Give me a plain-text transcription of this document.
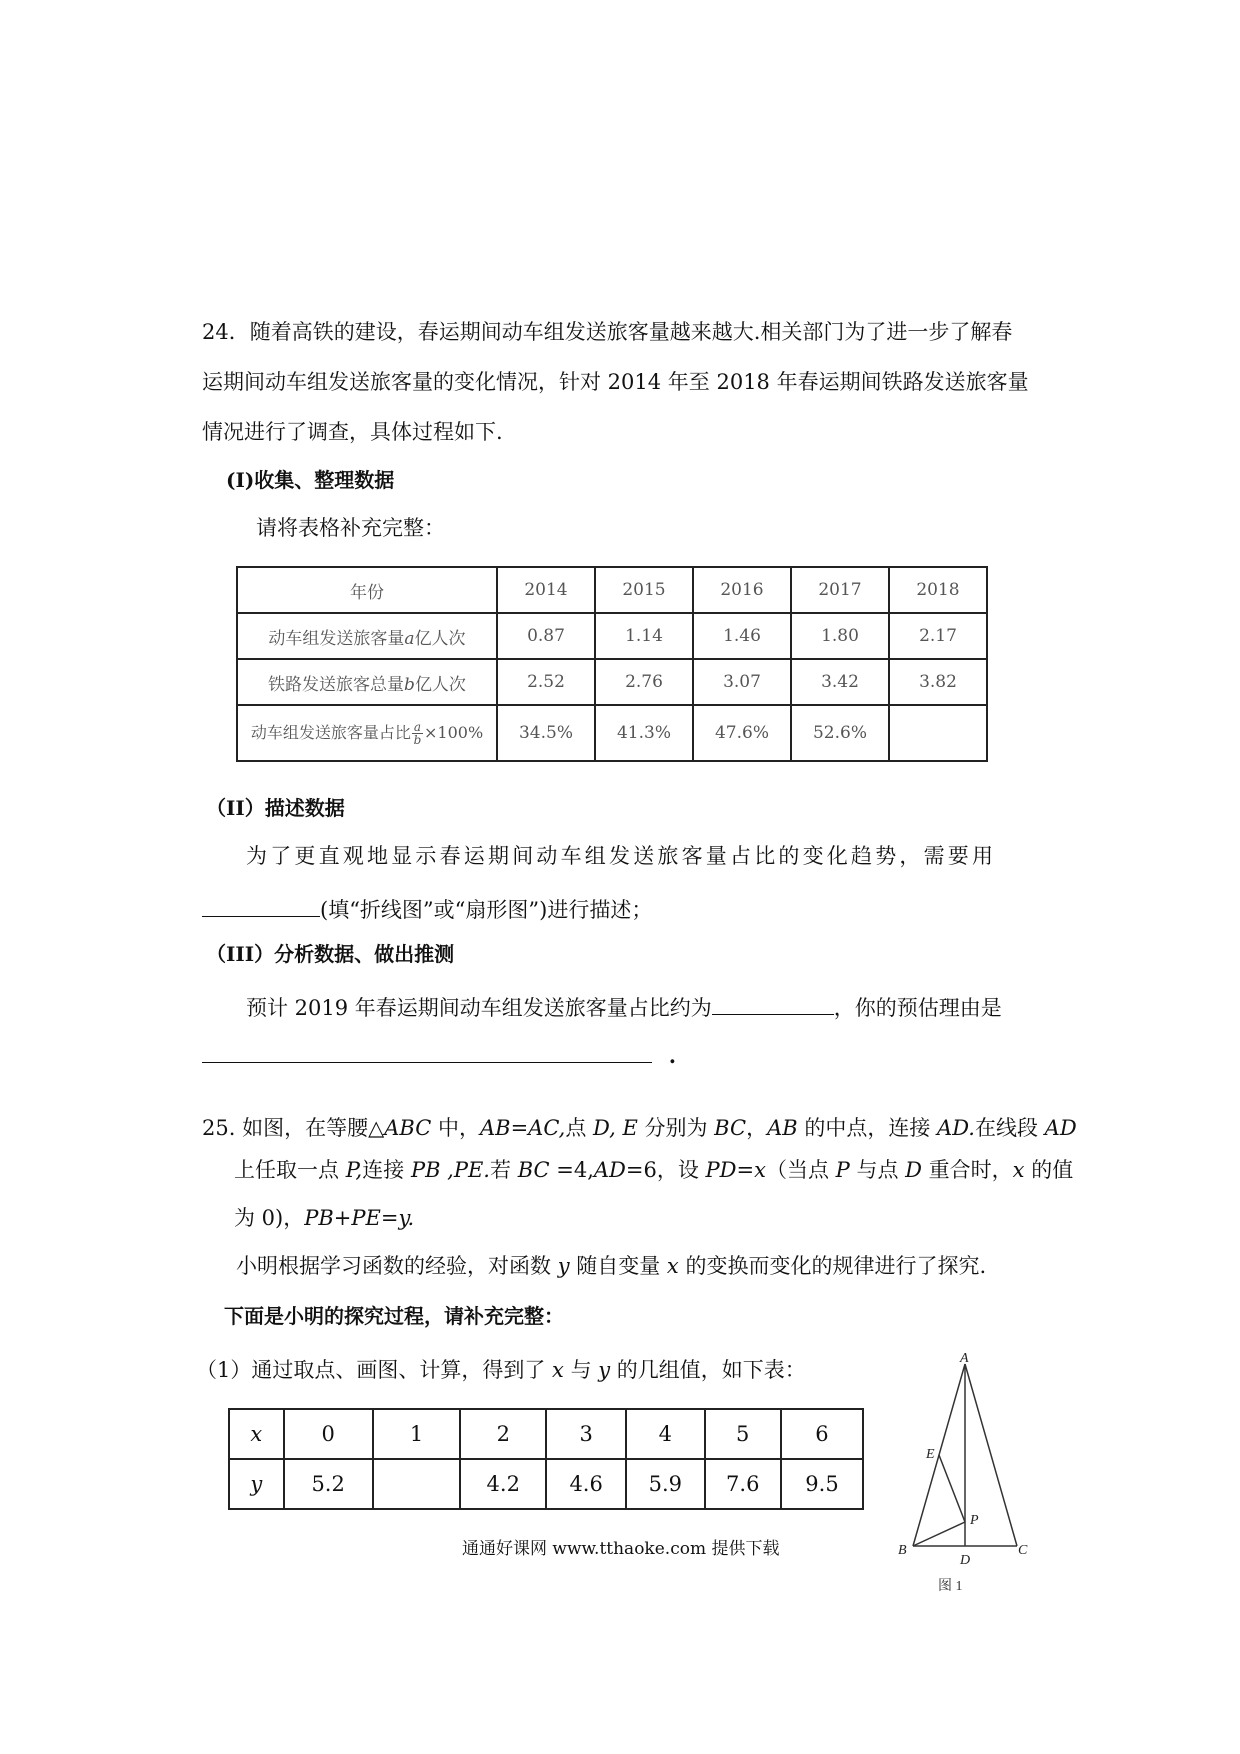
24．随着高铁的建设，春运期间动车组发送旅客量越来越大.相关部门为了进一步了解春
运期间动车组发送旅客量的变化情况，针对 2014 年至 2018 年春运期间铁路发送旅客量
情况进行了调查，具体过程如下.
(I)收集、整理数据
请将表格补充完整：
年份	2014	2015	2016	2017	2018
动车组发送旅客量a亿人次	0.87	1.14	1.46	1.80	2.17
铁路发送旅客总量b亿人次	2.52	2.76	3.07	3.42	3.82
动车组发送旅客量占比 $\frac{a}{b} \times 100\%$	34.5%	41.3%	47.6%	52.6%	
（II）描述数据
为了更直观地显示春运期间动车组发送旅客量占比的变化趋势，需要用
(填“折线图”或“扇形图”)进行描述；
（III）分析数据、做出推测
预计 2019 年春运期间动车组发送旅客量占比约为	，你的预估理由是
.
25. 如图，在等腰△ABC 中，AB=AC,点 D, E 分别为 BC，AB 的中点，连接 AD.在线段 AD
上任取一点 P,连接 PB ,PE.若 BC =4,AD=6，设 PD=x（当点 P 与点 D 重合时，x 的值
为 0)，PB+PE=y.
小明根据学习函数的经验，对函数 y 随自变量 x 的变换而变化的规律进行了探究.
下面是小明的探究过程，请补充完整：
（1）通过取点、画图、计算，得到了 x 与 y 的几组值，如下表：
x	0	1	2	3	4	5	6
y	5.2		4.2	4.6	5.9	7.6	9.5
A
E
P
B
D
C
图 1
通通好课网 www.tthaoke.com 提供下载
